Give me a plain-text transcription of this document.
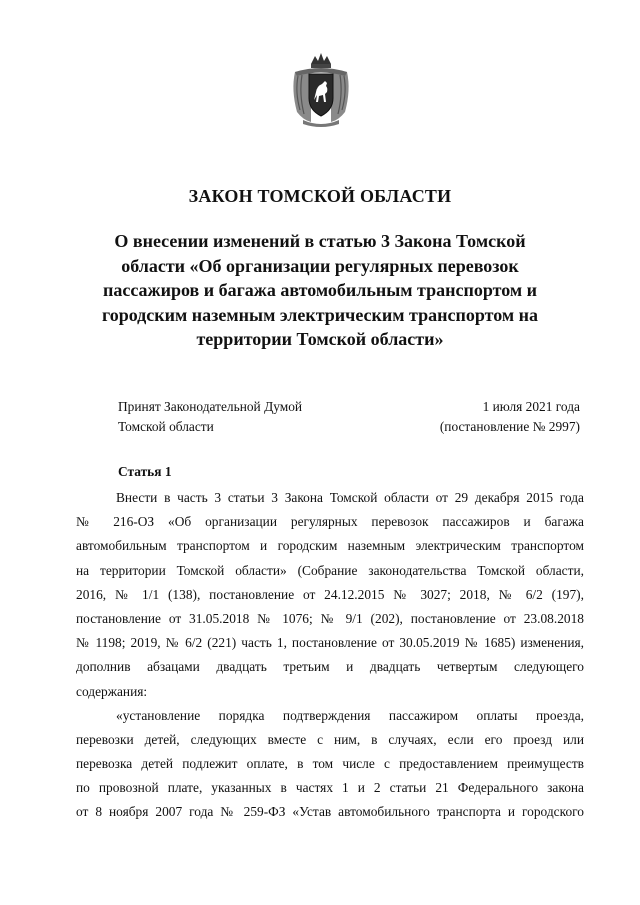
ЗАКОН ТОМСКОЙ ОБЛАСТИ
О внесении изменений в статью 3 Закона Томской
области «Об организации регулярных перевозок
пассажиров и багажа автомобильным транспортом и
городским наземным электрическим транспортом на
территории Томской области»
Принят Законодательной Думой
Томской области
1 июля 2021 года
(постановление № 2997)
Статья 1
Внести в часть 3 статьи 3 Закона Томской области от 29 декабря 2015 года
№ 216-ОЗ «Об организации регулярных перевозок пассажиров и багажа
автомобильным транспортом и городским наземным электрическим транспортом
на территории Томской области» (Собрание законодательства Томской области,
2016, № 1/1 (138), постановление от 24.12.2015 № 3027; 2018, № 6/2 (197),
постановление от 31.05.2018 № 1076; № 9/1 (202), постановление от 23.08.2018
№ 1198; 2019, № 6/2 (221) часть 1, постановление от 30.05.2019 № 1685) изменения,
дополнив абзацами двадцать третьим и двадцать четвертым следующего
содержания:
«установление порядка подтверждения пассажиром оплаты проезда,
перевозки детей, следующих вместе с ним, в случаях, если его проезд или
перевозка детей подлежит оплате, в том числе с предоставлением преимуществ
по провозной плате, указанных в частях 1 и 2 статьи 21 Федерального закона
от 8 ноября 2007 года № 259-ФЗ «Устав автомобильного транспорта и городского
